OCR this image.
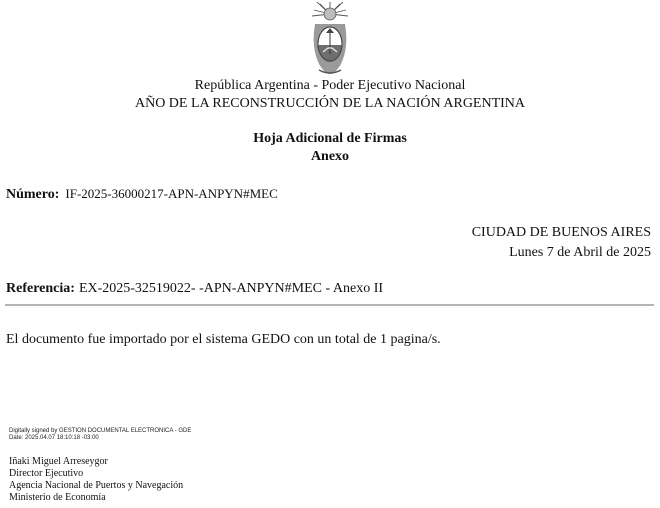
República Argentina - Poder Ejecutivo Nacional
AÑO DE LA RECONSTRUCCIÓN DE LA NACIÓN ARGENTINA
Hoja Adicional de Firmas
Anexo
Número: IF-2025-36000217-APN-ANPYN#MEC
CIUDAD DE BUENOS AIRES
Lunes 7 de Abril de 2025
Referencia: EX-2025-32519022- -APN-ANPYN#MEC - Anexo II
El documento fue importado por el sistema GEDO con un total de 1 pagina/s.
Digitally signed by GESTION DOCUMENTAL ELECTRONICA - GDE
Date: 2025.04.07 18:10:18 -03:00
Iñaki Miguel Arreseygor
Director Ejecutivo
Agencia Nacional de Puertos y Navegación
Ministerio de Economía
